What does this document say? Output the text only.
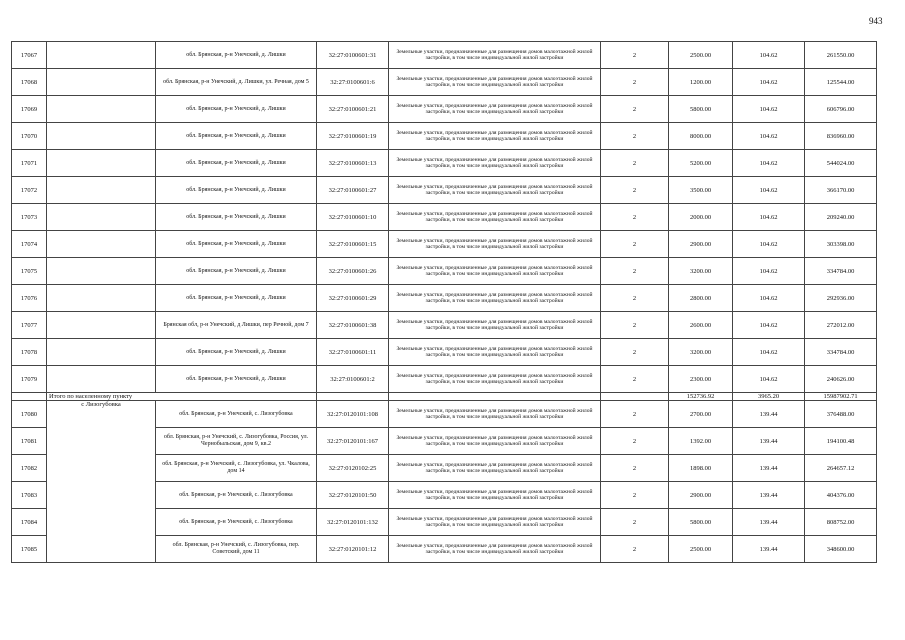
943
17067		обл. Брянская, р-н Унечский, д. Лишки	32:27:0100601:31	Земельные участки, предназначенные для размещения домов малоэтажной жилой застройки, в том числе индивидуальной жилой застройки	2	2500.00	104.62	261550.00
17068		обл. Брянская, р-н Унечский, д. Лишки, ул. Речная, дом 5	32:27:0100601:6	Земельные участки, предназначенные для размещения домов малоэтажной жилой застройки, в том числе индивидуальной жилой застройки	2	1200.00	104.62	125544.00
17069		обл. Брянская, р-н Унечский, д. Лишки	32:27:0100601:21	Земельные участки, предназначенные для размещения домов малоэтажной жилой застройки, в том числе индивидуальной жилой застройки	2	5800.00	104.62	606796.00
17070		обл. Брянская, р-н Унечский, д. Лишки	32:27:0100601:19	Земельные участки, предназначенные для размещения домов малоэтажной жилой застройки, в том числе индивидуальной жилой застройки	2	8000.00	104.62	836960.00
17071		обл. Брянская, р-н Унечский, д. Лишки	32:27:0100601:13	Земельные участки, предназначенные для размещения домов малоэтажной жилой застройки, в том числе индивидуальной жилой застройки	2	5200.00	104.62	544024.00
17072		обл. Брянская, р-н Унечский, д. Лишки	32:27:0100601:27	Земельные участки, предназначенные для размещения домов малоэтажной жилой застройки, в том числе индивидуальной жилой застройки	2	3500.00	104.62	366170.00
17073		обл. Брянская, р-н Унечский, д. Лишки	32:27:0100601:10	Земельные участки, предназначенные для размещения домов малоэтажной жилой застройки, в том числе индивидуальной жилой застройки	2	2000.00	104.62	209240.00
17074		обл. Брянская, р-н Унечский, д. Лишки	32:27:0100601:15	Земельные участки, предназначенные для размещения домов малоэтажной жилой застройки, в том числе индивидуальной жилой застройки	2	2900.00	104.62	303398.00
17075		обл. Брянская, р-н Унечский, д. Лишки	32:27:0100601:26	Земельные участки, предназначенные для размещения домов малоэтажной жилой застройки, в том числе индивидуальной жилой застройки	2	3200.00	104.62	334784.00
17076		обл. Брянская, р-н Унечский, д. Лишки	32:27:0100601:29	Земельные участки, предназначенные для размещения домов малоэтажной жилой застройки, в том числе индивидуальной жилой застройки	2	2800.00	104.62	292936.00
17077		Брянская обл, р-н Унечский, д Лишки, пер Речной, дом 7	32:27:0100601:38	Земельные участки, предназначенные для размещения домов малоэтажной жилой застройки, в том числе индивидуальной жилой застройки	2	2600.00	104.62	272012.00
17078		обл. Брянская, р-н Унечский, д. Лишки	32:27:0100601:11	Земельные участки, предназначенные для размещения домов малоэтажной жилой застройки, в том числе индивидуальной жилой застройки	2	3200.00	104.62	334784.00
17079		обл. Брянская, р-н Унечский, д. Лишки	32:27:0100601:2	Земельные участки, предназначенные для размещения домов малоэтажной жилой застройки, в том числе индивидуальной жилой застройки	2	2300.00	104.62	240626.00
	Итого по населенному пункту					152736.92	3965.20	15987902.71
17080	с Лизогубовка	обл. Брянская, р-н Унечский, с. Лизогубовка	32:27:0120101:108	Земельные участки, предназначенные для размещения домов малоэтажной жилой застройки, в том числе индивидуальной жилой застройки	2	2700.00	139.44	376488.00
17081		обл. Брянская, р-н Унечский, с. Лизогубовка, Россия, ул. Чернобыльская, дом 9, кв.2	32:27:0120101:167	Земельные участки, предназначенные для размещения домов малоэтажной жилой застройки, в том числе индивидуальной жилой застройки	2	1392.00	139.44	194100.48
17082		обл. Брянская, р-н Унечский, с. Лизогубовка, ул. Чкалова, дом 14	32:27:0120102:25	Земельные участки, предназначенные для размещения домов малоэтажной жилой застройки, в том числе индивидуальной жилой застройки	2	1898.00	139.44	264657.12
17083		обл. Брянская, р-н Унечский, с. Лизогубовка	32:27:0120101:50	Земельные участки, предназначенные для размещения домов малоэтажной жилой застройки, в том числе индивидуальной жилой застройки	2	2900.00	139.44	404376.00
17084		обл. Брянская, р-н Унечский, с. Лизогубовка	32:27:0120101:132	Земельные участки, предназначенные для размещения домов малоэтажной жилой застройки, в том числе индивидуальной жилой застройки	2	5800.00	139.44	808752.00
17085		обл. Брянская, р-н Унечский, с. Лизогубовка, пер. Советский, дом 11	32:27:0120101:12	Земельные участки, предназначенные для размещения домов малоэтажной жилой застройки, в том числе индивидуальной жилой застройки	2	2500.00	139.44	348600.00
